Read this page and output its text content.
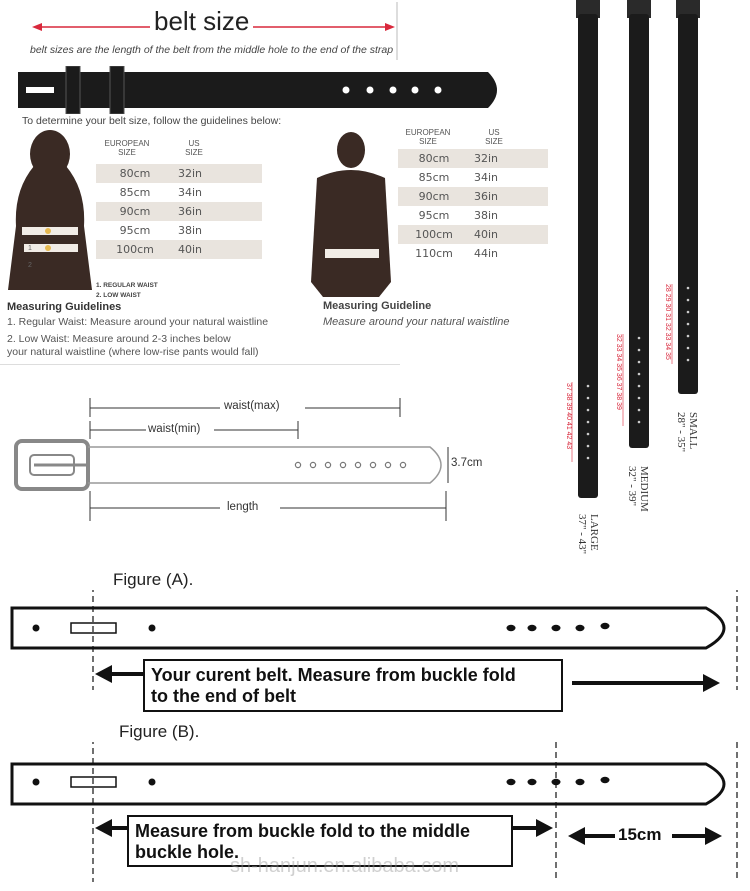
belt size
belt sizes are the length of the belt from the middle hole to the end of the strap
To determine your belt size, follow the guidelines below:
1
2
EUROPEAN
SIZE
US
SIZE
80cm	32in
85cm	34in
90cm	36in
95cm	38in
100cm	40in
1. REGULAR WAIST
2. LOW WAIST
Measuring Guidelines
1. Regular Waist: Measure around your natural waistline
2. Low Waist: Measure around 2-3 inches below
your natural waistline (where low-rise pants would fall)
EUROPEAN
SIZE
US
SIZE
80cm	32in
85cm	34in
90cm	36in
95cm	38in
100cm	40in
110cm	44in
Measuring Guideline
Measure around your natural waistline
waist(max)
waist(min)
3.7cm
length
37 38 39 40 41 42 43
32 33 34 35 36 37 38 39
28 29 30 31 32 33 34 35
LARGE
37" - 43"
MEDIUM
32" - 39"
SMALL
28" - 35"
Figure (A).
Your curent belt. Measure from buckle fold
to the end of belt
Figure (B).
Measure from buckle fold to the middle
buckle hole.
15cm
sh-hanjun.en.alibaba.com
